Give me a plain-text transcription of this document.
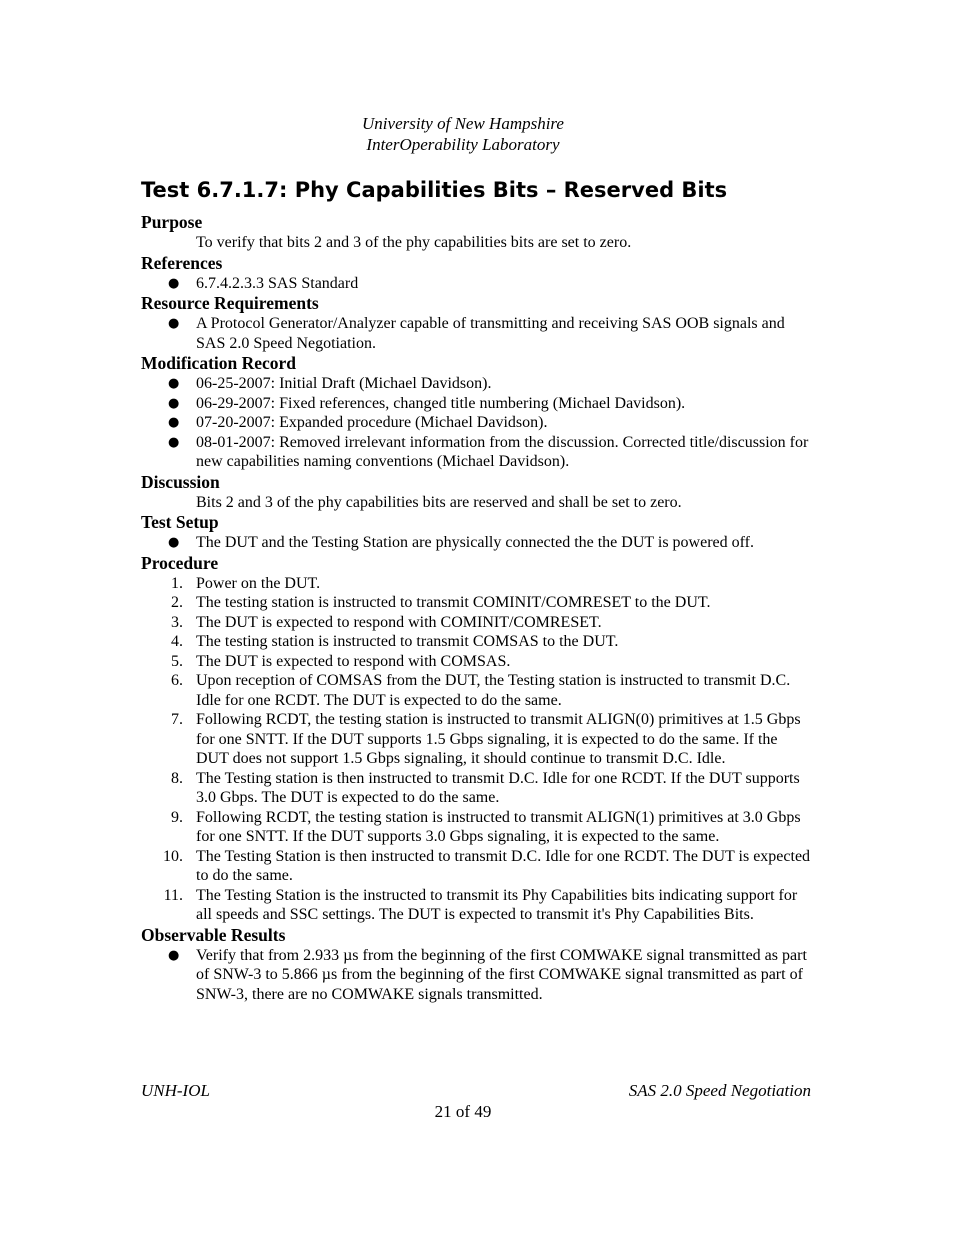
University of New Hampshire
InterOperability Laboratory
Test 6.7.1.7: Phy Capabilities Bits – Reserved Bits
Purpose

To verify that bits 2 and 3 of the phy capabilities bits are set to zero.

References
● 6.7.4.2.3.3 SAS Standard
Resource Requirements
● A Protocol Generator/Analyzer capable of transmitting and receiving SAS OOB signals and SAS 2.0 Speed Negotiation.
Modification Record
● 06-25-2007: Initial Draft (Michael Davidson).
● 06-29-2007: Fixed references, changed title numbering (Michael Davidson).
● 07-20-2007: Expanded procedure (Michael Davidson).
● 08-01-2007: Removed irrelevant information from the discussion. Corrected title/discussion for new capabilities naming conventions (Michael Davidson).
Discussion

Bits 2 and 3 of the phy capabilities bits are reserved and shall be set to zero.

Test Setup
● The DUT and the Testing Station are physically connected the the DUT is powered off.
Procedure
1. Power on the DUT.
2. The testing station is instructed to transmit COMINIT/COMRESET to the DUT.
3. The DUT is expected to respond with COMINIT/COMRESET.
4. The testing station is instructed to transmit COMSAS to the DUT.
5. The DUT is expected to respond with COMSAS.
6. Upon reception of COMSAS from the DUT, the Testing station is instructed to transmit D.C. Idle for one RCDT. The DUT is expected to do the same.
7. Following RCDT, the testing station is instructed to transmit ALIGN(0) primitives at 1.5 Gbps for one SNTT. If the DUT supports 1.5 Gbps signaling, it is expected to do the same. If the DUT does not support 1.5 Gbps signaling, it should continue to transmit D.C. Idle.
8. The Testing station is then instructed to transmit D.C. Idle for one RCDT. If the DUT supports 3.0 Gbps. The DUT is expected to do the same.
9. Following RCDT, the testing station is instructed to transmit ALIGN(1) primitives at 3.0 Gbps for one SNTT. If the DUT supports 3.0 Gbps signaling, it is expected to the same.
10. The Testing Station is then instructed to transmit D.C. Idle for one RCDT. The DUT is expected to do the same.
11. The Testing Station is the instructed to transmit its Phy Capabilities bits indicating support for all speeds and SSC settings. The DUT is expected to transmit it's Phy Capabilities Bits.
Observable Results
● Verify that from 2.933 µs from the beginning of the first COMWAKE signal transmitted as part of SNW-3 to 5.866 µs from the beginning of the first COMWAKE signal transmitted as part of SNW-3, there are no COMWAKE signals transmitted.
UNH-IOL	SAS 2.0 Speed Negotiation
21 of 49
